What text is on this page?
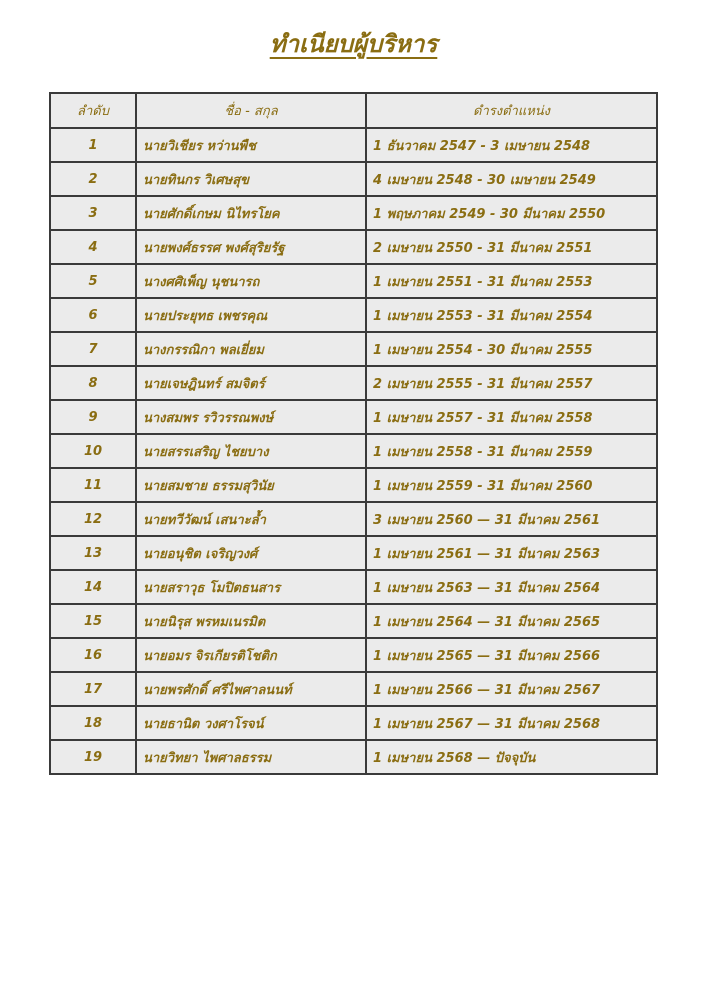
ทำเนียบผู้บริหาร
ลำดับ	ชื่อ - สกุล	ดำรงตำแหน่ง
1	นายวิเชียร หว่านพืช	1 ธันวาคม 2547 - 3 เมษายน 2548
2	นายทินกร วิเศษสุข	4 เมษายน 2548 - 30 เมษายน 2549
3	นายศักดิ์เกษม นิไทรโยค	1 พฤษภาคม 2549 - 30 มีนาคม 2550
4	นายพงศ์ธรรศ พงศ์สุริยรัฐ	2 เมษายน 2550 - 31 มีนาคม 2551
5	นางศศิเพ็ญ นุชนารถ	1 เมษายน 2551 - 31 มีนาคม 2553
6	นายประยุทธ เพชรคุณ	1 เมษายน 2553 - 31 มีนาคม 2554
7	นางกรรณิกา พลเยี่ยม	1 เมษายน 2554 - 30 มีนาคม 2555
8	นายเจษฎินทร์ สมจิตร์	2 เมษายน 2555 - 31 มีนาคม 2557
9	นางสมพร รวิวรรณพงษ์	1 เมษายน 2557 - 31 มีนาคม 2558
10	นายสรรเสริญ ไชยบาง	1 เมษายน 2558 - 31 มีนาคม 2559
11	นายสมชาย ธรรมสุวินัย	1 เมษายน 2559 - 31 มีนาคม 2560
12	นายทวีวัฒน์ เสนาะล้ำ	3 เมษายน 2560 — 31 มีนาคม 2561
13	นายอนุชิต เจริญวงศ์	1 เมษายน 2561 — 31 มีนาคม 2563
14	นายสราวุธ โมปิตธนสาร	1 เมษายน 2563 — 31 มีนาคม 2564
15	นายนิรุส พรหมเนรมิต	1 เมษายน 2564 — 31 มีนาคม 2565
16	นายอมร จิรเกียรติโชติก	1 เมษายน 2565 — 31 มีนาคม 2566
17	นายพรศักดิ์ ศรีไพศาลนนท์	1 เมษายน 2566 — 31 มีนาคม 2567
18	นายธานิต วงศาโรจน์	1 เมษายน 2567 — 31 มีนาคม 2568
19	นายวิทยา ไพศาลธรรม	1 เมษายน 2568 — ปัจจุบัน
